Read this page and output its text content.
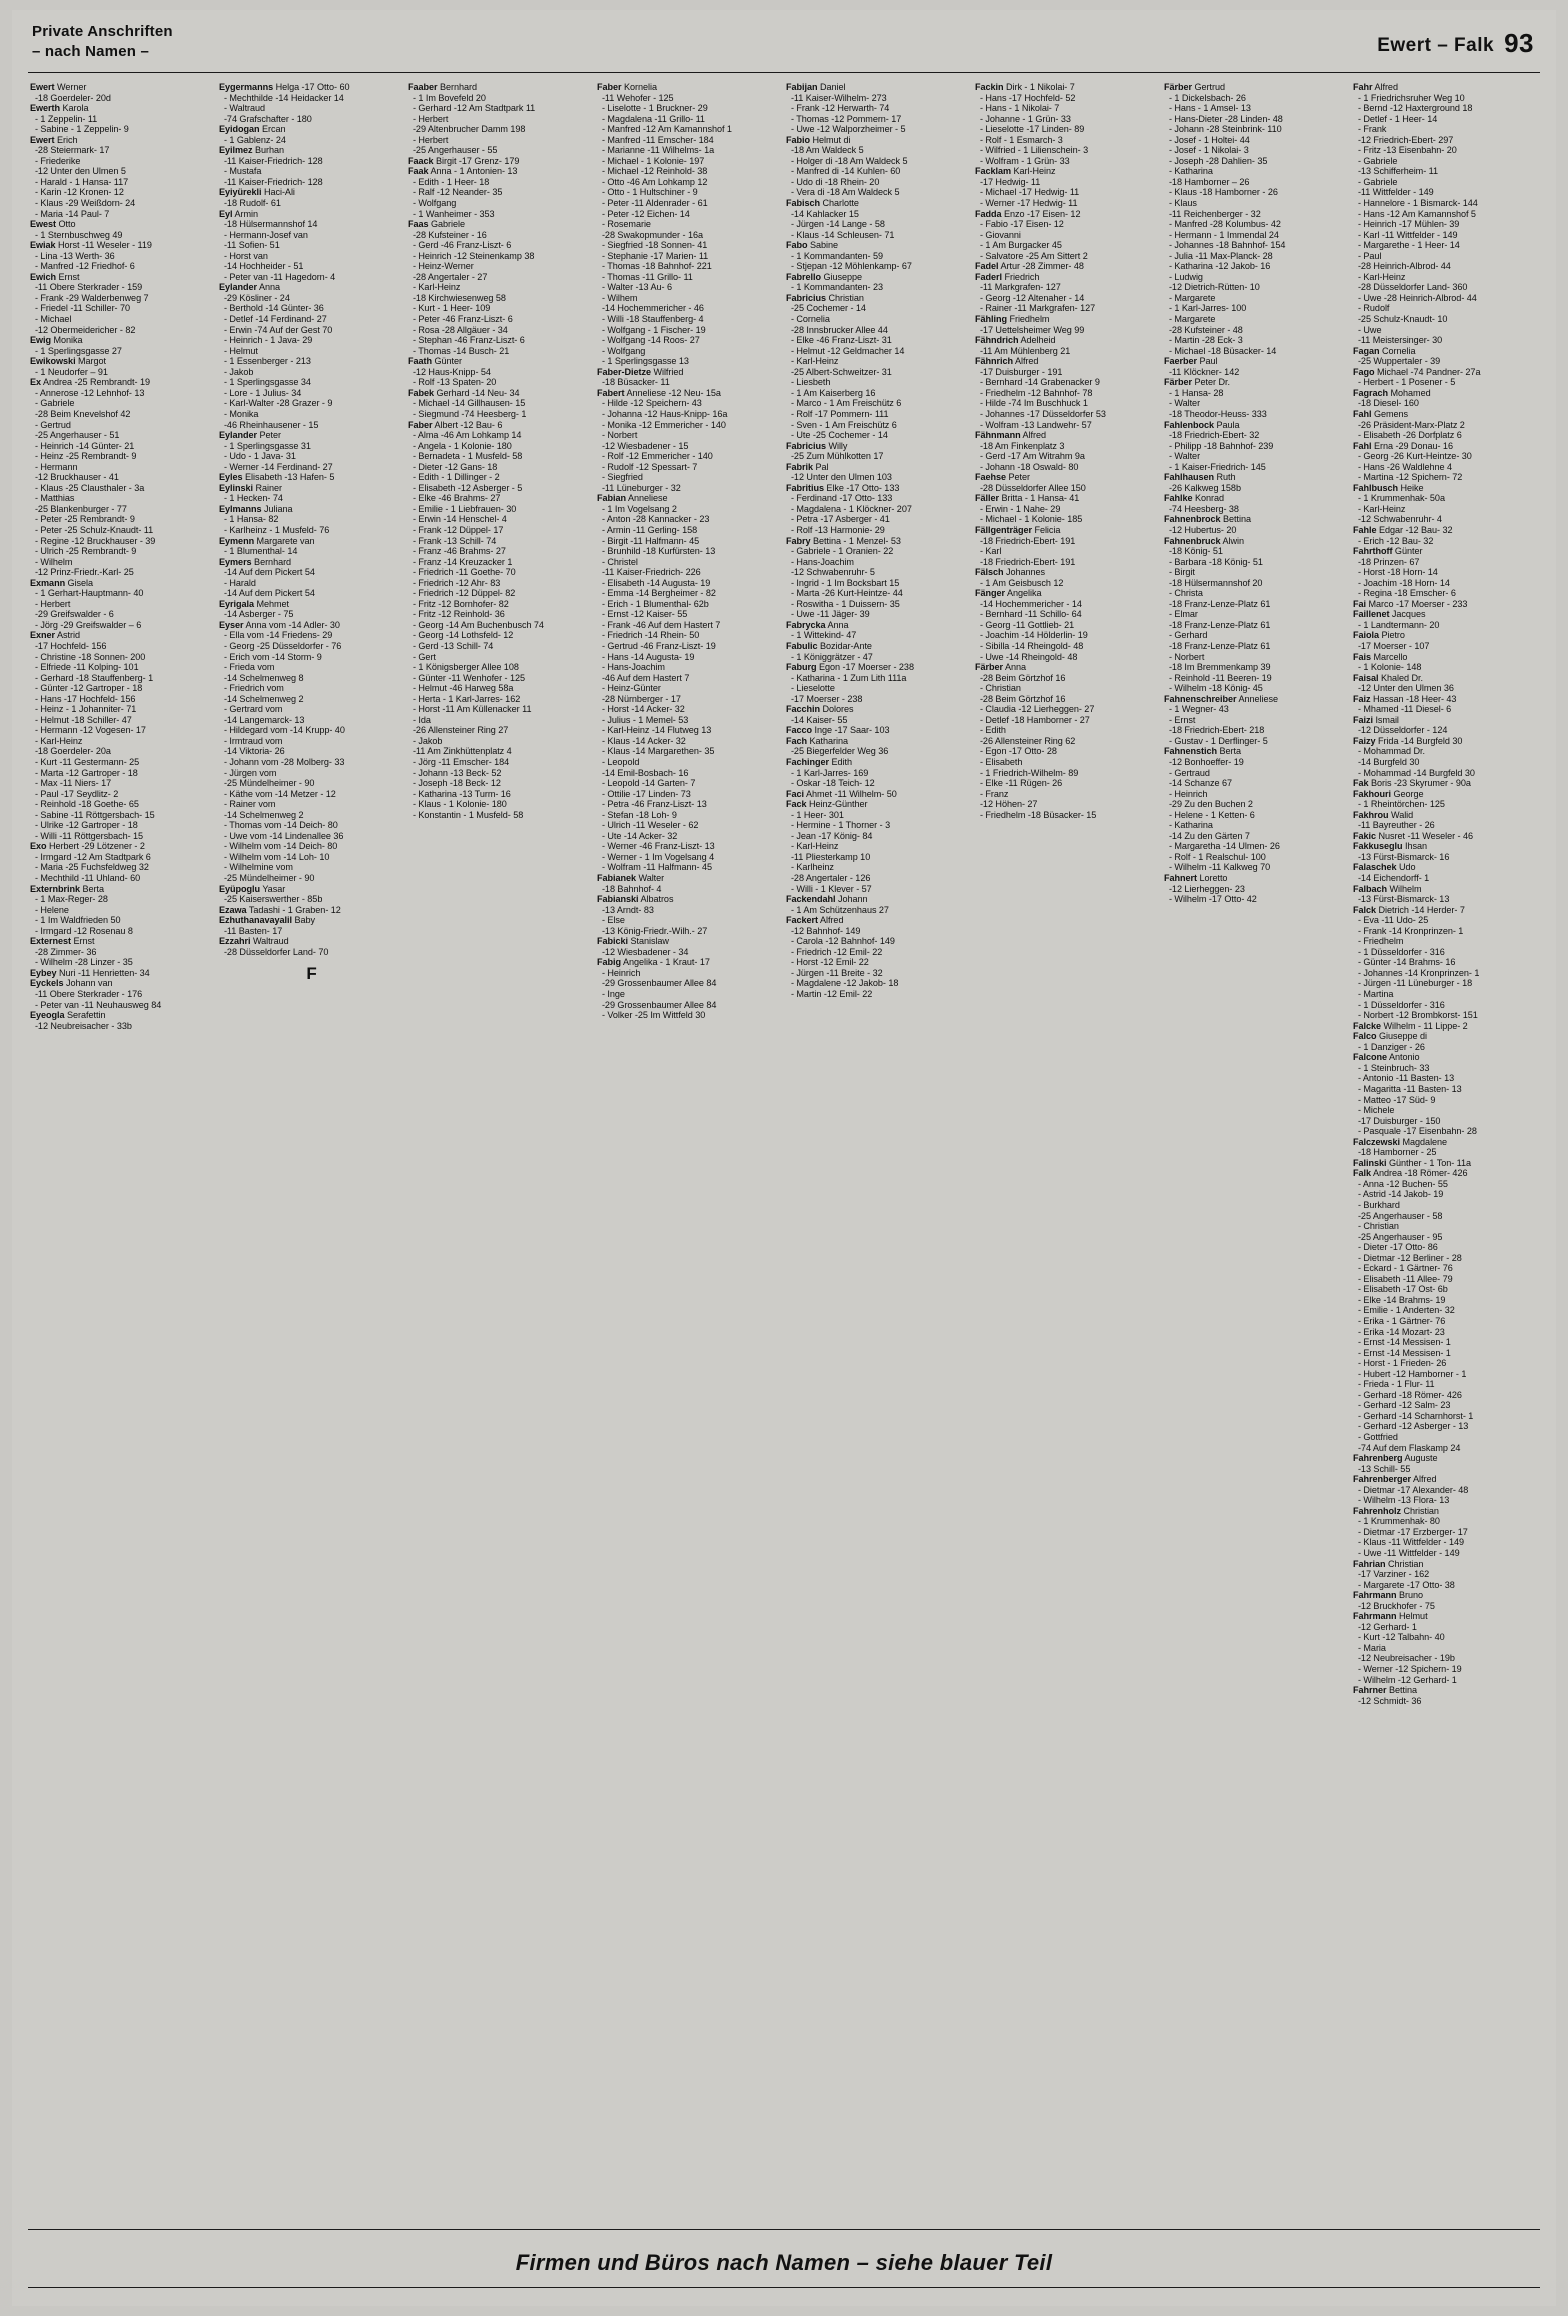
Private Anschriften
– nach Namen –	Ewert – Falk 93
Ewert Werner
-18 Goerdeler- 20d
Ewerth Karola
- 1 Zeppelin- 11
- Sabine - 1 Zeppelin- 9
Ewert Erich
-28 Steiermark- 17
- Friederike
-12 Unter den Ulmen 5
- Harald - 1 Hansa- 117
- Karin -12 Kronen- 12
- Klaus -29 Weißdorn- 24
- Maria -14 Paul- 7
Ewest Otto
- 1 Sternbuschweg 49
Ewiak Horst -11 Weseler - 119
- Lina -13 Werth- 36
- Manfred -12 Friedhof- 6
Ewich Ernst
-11 Obere Sterkrader - 159
- Frank -29 Walderbenweg 7
- Friedel -11 Schiller- 70
- Michael
-12 Obermeidericher - 82
Ewig Monika
- 1 Sperlingsgasse 27
Ewikowski Margot
- 1 Neudorfer – 91
Ex Andrea -25 Rembrandt- 19
- Annerose -12 Lehnhof- 13
- Gabriele
-28 Beim Knevelshof 42
- Gertrud
-25 Angerhauser - 51
- Heinrich -14 Günter- 21
- Heinz -25 Rembrandt- 9
- Hermann
-12 Bruckhauser - 41
- Klaus -25 Clausthaler - 3a
- Matthias
-25 Blankenburger - 77
- Peter -25 Rembrandt- 9
- Peter -25 Schulz-Knaudt- 11
- Regine -12 Bruckhauser - 39
- Ulrich -25 Rembrandt- 9
- Wilhelm
-12 Prinz-Friedr.-Karl- 25
Exmann Gisela
- 1 Gerhart-Hauptmann- 40
- Herbert
-29 Greifswalder - 6
- Jörg -29 Greifswalder – 6
Exner Astrid
-17 Hochfeld- 156
- Christine -18 Sonnen- 200
- Elfriede -11 Kolping- 101
- Gerhard -18 Stauffenberg- 1
- Günter -12 Gartroper - 18
- Hans -17 Hochfeld- 156
- Heinz - 1 Johanniter- 71
- Helmut -18 Schiller- 47
- Hermann -12 Vogesen- 17
- Karl-Heinz
-18 Goerdeler- 20a
- Kurt -11 Gestermann- 25
- Marta -12 Gartroper - 18
- Max -11 Niers- 17
- Paul -17 Seydlitz- 2
- Reinhold -18 Goethe- 65
- Sabine -11 Röttgersbach- 15
- Ulrike -12 Gartroper - 18
- Willi -11 Röttgersbach- 15
Exo Herbert -29 Lötzener - 2
- Irmgard -12 Am Stadtpark 6
- Maria -25 Fuchsfeldweg 32
- Mechthild -11 Uhland- 60
Externbrink Berta
- 1 Max-Reger- 28
- Helene
- 1 Im Waldfrieden 50
- Irmgard -12 Rosenau 8
Externest Ernst
-28 Zimmer- 36
- Wilhelm -28 Linzer - 35
Eybey Nuri -11 Henrietten- 34
Eyckels Johann van
-11 Obere Sterkrader - 176
- Peter van -11 Neuhausweg 84
Eyeogla Serafettin
-12 Neubreisacher - 33b
Eygermanns Helga -17 Otto- 60
- Mechthilde -14 Heidacker 14
- Waltraud
-74 Grafschafter - 180
Eyidogan Ercan
- 1 Gablenz- 24
Eyilmez Burhan
-11 Kaiser-Friedrich- 128
- Mustafa
-11 Kaiser-Friedrich- 128
Eyiyürekli Haci-Ali
-18 Rudolf- 61
Eyl Armin
-18 Hülsermannshof 14
- Hermann-Josef van
-11 Sofien- 51
- Horst van
-14 Hochheider - 51
- Peter van -11 Hagedorn- 4
Eylander Anna
-29 Kösliner - 24
- Berthold -14 Günter- 36
- Detlef -14 Ferdinand- 27
- Erwin -74 Auf der Gest 70
- Heinrich - 1 Java- 29
- Helmut
- 1 Essenberger - 213
- Jakob
- 1 Sperlingsgasse 34
- Lore - 1 Julius- 34
- Karl-Walter -28 Grazer - 9
- Monika
-46 Rheinhausener - 15
Eylander Peter
- 1 Sperlingsgasse 31
- Udo - 1 Java- 31
- Werner -14 Ferdinand- 27
Eyles Elisabeth -13 Hafen- 5
Eylinski Rainer
- 1 Hecken- 74
Eylmanns Juliana
- 1 Hansa- 82
- Karlheinz - 1 Musfeld- 76
Eymenn Margarete van
- 1 Blumenthal- 14
Eymers Bernhard
-14 Auf dem Pickert 54
- Harald
-14 Auf dem Pickert 54
Eyrigala Mehmet
-14 Asberger - 75
Eyser Anna vom -14 Adler- 30
- Ella vom -14 Friedens- 29
- Georg -25 Düsseldorfer - 76
- Erich vom -14 Storm- 9
- Frieda vom
-14 Schelmenweg 8
- Friedrich vom
-14 Schelmenweg 2
- Gertrard vom
-14 Langemarck- 13
- Hildegard vom -14 Krupp- 40
- Irmtraud vom
-14 Viktoria- 26
- Johann vom -28 Molberg- 33
- Jürgen vom
-25 Mündelheimer - 90
- Käthe vom -14 Metzer - 12
- Rainer vom
-14 Schelmenweg 2
- Thomas vom -14 Deich- 80
- Uwe vom -14 Lindenallee 36
- Wilhelm vom -14 Deich- 80
- Wilhelm vom -14 Loh- 10
- Wilhelmine vom
-25 Mündelheimer - 90
Eyüpoglu Yasar
-25 Kaiserswerther - 85b
Ezawa Tadashi - 1 Graben- 12
Ezhuthanavayalil Baby
-11 Basten- 17
Ezzahri Waltraud
-28 Düsseldorfer Land- 70
F
Faaber Bernhard
- 1 Im Bovefeld 20
- Gerhard -12 Am Stadtpark 11
- Herbert
-29 Altenbrucher Damm 198
- Herbert
-25 Angerhauser - 55
Faack Birgit -17 Grenz- 179
Faak Anna - 1 Antonien- 13
- Edith - 1 Heer- 18
- Ralf -12 Neander- 35
- Wolfgang
- 1 Wanheimer - 353
Faas Gabriele
-28 Kufsteiner - 16
- Gerd -46 Franz-Liszt- 6
- Heinrich -12 Steinenkamp 38
- Heinz-Werner
-28 Angertaler - 27
- Karl-Heinz
-18 Kirchwiesenweg 58
- Kurt - 1 Heer- 109
- Peter -46 Franz-Liszt- 6
- Rosa -28 Allgäuer - 34
- Stephan -46 Franz-Liszt- 6
- Thomas -14 Busch- 21
Faath Günter
-12 Haus-Knipp- 54
- Rolf -13 Spaten- 20
Fabek Gerhard -14 Neu- 34
- Michael -14 Gillhausen- 15
- Siegmund -74 Heesberg- 1
Faber Albert -12 Bau- 6
- Alma -46 Am Lohkamp 14
- Angela - 1 Kolonie- 180
- Bernadeta - 1 Musfeld- 58
- Dieter -12 Gans- 18
- Edith - 1 Dillinger - 2
- Elisabeth -12 Asberger - 5
- Elke -46 Brahms- 27
- Emilie - 1 Liebfrauen- 30
- Erwin -14 Henschel- 4
- Frank -12 Düppel- 17
- Frank -13 Schill- 74
- Franz -46 Brahms- 27
- Franz -14 Kreuzacker 1
- Friedrich -11 Goethe- 70
- Friedrich -12 Ahr- 83
- Friedrich -12 Düppel- 82
- Fritz -12 Bornhofer- 82
- Fritz -12 Reinhold- 36
- Georg -14 Am Buchenbusch 74
- Georg -14 Lothsfeld- 12
- Gerd -13 Schill- 74
- Gert
- 1 Königsberger Allee 108
- Günter -11 Wenhofer - 125
- Helmut -46 Harweg 58a
- Herta - 1 Karl-Jarres- 162
- Horst -11 Am Küllenacker 11
- Ida
-26 Allensteiner Ring 27
- Jakob
-11 Am Zinkhüttenplatz 4
- Jörg -11 Emscher- 184
- Johann -13 Beck- 52
- Joseph -18 Beck- 12
- Katharina -13 Turm- 16
- Klaus - 1 Kolonie- 180
- Konstantin - 1 Musfeld- 58
Faber Kornelia
-11 Wehofer - 125
- Liselotte - 1 Bruckner- 29
- Magdalena -11 Grillo- 11
- Manfred -12 Am Kamannshof 1
- Manfred -11 Emscher- 184
- Marianne -11 Wilhelms- 1a
- Michael - 1 Kolonie- 197
- Michael -12 Reinhold- 38
- Otto -46 Am Lohkamp 12
- Otto - 1 Hultschiner - 9
- Peter -11 Aldenrader - 61
- Peter -12 Eichen- 14
- Rosemarie
-28 Swakopmunder - 16a
- Siegfried -18 Sonnen- 41
- Stephanie -17 Marien- 11
- Thomas -18 Bahnhof- 221
- Thomas -11 Grillo- 11
- Walter -13 Au- 6
- Wilhem
-14 Hochemmericher - 46
- Willi -18 Stauffenberg- 4
- Wolfgang - 1 Fischer- 19
- Wolfgang -14 Roos- 27
- Wolfgang
- 1 Sperlingsgasse 13
Faber-Dietze Wilfried
-18 Büsacker- 11
Fabert Anneliese -12 Neu- 15a
- Hilde -12 Speichern- 43
- Johanna -12 Haus-Knipp- 16a
- Monika -12 Emmericher - 140
- Norbert
-12 Wiesbadener - 15
- Rolf -12 Emmericher - 140
- Rudolf -12 Spessart- 7
- Siegfried
-11 Lüneburger - 32
Fabian Anneliese
- 1 Im Vogelsang 2
- Anton -28 Kannacker - 23
- Armin -11 Gerling- 158
- Birgit -11 Halfmann- 45
- Brunhild -18 Kurfürsten- 13
- Christel
-11 Kaiser-Friedrich- 226
- Elisabeth -14 Augusta- 19
- Emma -14 Bergheimer - 82
- Erich - 1 Blumenthal- 62b
- Ernst -12 Kaiser- 55
- Frank -46 Auf dem Hastert 7
- Friedrich -14 Rhein- 50
- Gertrud -46 Franz-Liszt- 19
- Hans -14 Augusta- 19
- Hans-Joachim
-46 Auf dem Hastert 7
- Heinz-Günter
-28 Nürnberger - 17
- Horst -14 Acker- 32
- Julius - 1 Memel- 53
- Karl-Heinz -14 Flutweg 13
- Klaus -14 Acker- 32
- Klaus -14 Margarethen- 35
- Leopold
-14 Emil-Bosbach- 16
- Leopold -14 Garten- 7
- Ottilie -17 Linden- 73
- Petra -46 Franz-Liszt- 13
- Stefan -18 Loh- 9
- Ulrich -11 Weseler - 62
- Ute -14 Acker- 32
- Werner -46 Franz-Liszt- 13
- Werner - 1 Im Vogelsang 4
- Wolfram -11 Halfmann- 45
Fabianek Walter
-18 Bahnhof- 4
Fabianski Albatros
-13 Arndt- 83
- Else
-13 König-Friedr.-Wilh.- 27
Fabicki Stanislaw
-12 Wiesbadener - 34
Fabig Angelika - 1 Kraut- 17
- Heinrich
-29 Grossenbaumer Allee 84
- Inge
-29 Grossenbaumer Allee 84
- Volker -25 Im Wittfeld 30
Fabijan Daniel
-11 Kaiser-Wilhelm- 273
- Frank -12 Herwarth- 74
- Thomas -12 Pommern- 17
- Uwe -12 Walporzheimer - 5
Fabio Helmut di
-18 Am Waldeck 5
- Holger di -18 Am Waldeck 5
- Manfred di -14 Kuhlen- 60
- Udo di -18 Rhein- 20
- Vera di -18 Am Waldeck 5
Fabisch Charlotte
-14 Kahlacker 15
- Jürgen -14 Lange - 58
- Klaus -14 Schleusen- 71
Fabo Sabine
- 1 Kommandanten- 59
- Stjepan -12 Möhlenkamp- 67
Fabrello Giuseppe
- 1 Kommandanten- 23
Fabricius Christian
-25 Cochemer - 14
- Cornelia
-28 Innsbrucker Allee 44
- Elke -46 Franz-Liszt- 31
- Helmut -12 Geldmacher 14
- Karl-Heinz
-25 Albert-Schweitzer- 31
- Liesbeth
- 1 Am Kaiserberg 16
- Marco - 1 Am Freischütz 6
- Rolf -17 Pommern- 111
- Sven - 1 Am Freischütz 6
- Ute -25 Cochemer - 14
Fabricius Willy
-25 Zum Mühlkotten 17
Fabrik Pal
-12 Unter den Ulmen 103
Fabritius Elke -17 Otto- 133
- Ferdinand -17 Otto- 133
- Magdalena - 1 Klöckner- 207
- Petra -17 Asberger - 41
- Rolf -13 Harmonie- 29
Fabry Bettina - 1 Menzel- 53
- Gabriele - 1 Oranien- 22
- Hans-Joachim
-12 Schwabenruhr- 5
- Ingrid - 1 Im Bocksbart 15
- Marta -26 Kurt-Heintze- 44
- Roswitha - 1 Duissern- 35
- Uwe -11 Jäger- 39
Fabrycka Anna
- 1 Wittekind- 47
Fabulic Bozidar-Ante
- 1 Königgrätzer - 47
Faburg Egon -17 Moerser - 238
- Katharina - 1 Zum Lith 111a
- Lieselotte
-17 Moerser - 238
Facchin Dolores
-14 Kaiser- 55
Facco Inge -17 Saar- 103
Fach Katharina
-25 Biegerfelder Weg 36
Fachinger Edith
- 1 Karl-Jarres- 169
- Oskar -18 Teich- 12
Faci Ahmet -11 Wilhelm- 50
Fack Heinz-Günther
- 1 Heer- 301
- Hermine - 1 Thorner - 3
- Jean -17 König- 84
- Karl-Heinz
-11 Pliesterkamp 10
- Karlheinz
-28 Angertaler - 126
- Willi - 1 Klever - 57
Fackendahl Johann
- 1 Am Schützenhaus 27
Fackert Alfred
-12 Bahnhof- 149
- Carola -12 Bahnhof- 149
- Friedrich -12 Emil- 22
- Horst -12 Emil- 22
- Jürgen -11 Breite - 32
- Magdalene -12 Jakob- 18
- Martin -12 Emil- 22
Fackin Dirk - 1 Nikolai- 7
- Hans -17 Hochfeld- 52
- Hans - 1 Nikolai- 7
- Johanne - 1 Grün- 33
- Lieselotte -17 Linden- 89
- Rolf - 1 Esmarch- 3
- Wilfried - 1 Lilienschein- 3
- Wolfram - 1 Grün- 33
Facklam Karl-Heinz
-17 Hedwig- 11
- Michael -17 Hedwig- 11
- Werner -17 Hedwig- 11
Fadda Enzo -17 Eisen- 12
- Fabio -17 Eisen- 12
- Giovanni
- 1 Am Burgacker 45
- Salvatore -25 Am Sittert 2
Fadel Artur -28 Zimmer- 48
Faderl Friedrich
-11 Markgrafen- 127
- Georg -12 Altenaher - 14
- Rainer -11 Markgrafen- 127
Fähling Friedhelm
-17 Uettelsheimer Weg 99
Fähndrich Adelheid
-11 Am Mühlenberg 21
Fähnrich Alfred
-17 Duisburger - 191
- Bernhard -14 Grabenacker 9
- Friedhelm -12 Bahnhof- 78
- Hilde -74 Im Buschhuck 1
- Johannes -17 Düsseldorfer 53
- Wolfram -13 Landwehr- 57
Fähnmann Alfred
-18 Am Finkenplatz 3
- Gerd -17 Am Witrahm 9a
- Johann -18 Oswald- 80
Faehse Peter
-28 Düsseldorfer Allee 150
Fäller Britta - 1 Hansa- 41
- Erwin - 1 Nahe- 29
- Michael - 1 Kolonie- 185
Fällgenträger Felicia
-18 Friedrich-Ebert- 191
- Karl
-18 Friedrich-Ebert- 191
Fälsch Johannes
- 1 Am Geisbusch 12
Fänger Angelika
-14 Hochemmericher - 14
- Bernhard -11 Schillo- 64
- Georg -11 Gottlieb- 21
- Joachim -14 Hölderlin- 19
- Sibilla -14 Rheingold- 48
- Uwe -14 Rheingold- 48
Färber Anna
-28 Beim Görtzhof 16
- Christian
-28 Beim Görtzhof 16
- Claudia -12 Lierheggen- 27
- Detlef -18 Hamborner - 27
- Edith
-26 Allensteiner Ring 62
- Egon -17 Otto- 28
- Elisabeth
- 1 Friedrich-Wilhelm- 89
- Elke -11 Rügen- 26
- Franz
-12 Höhen- 27
- Friedhelm -18 Büsacker- 15
Färber Gertrud
- 1 Dickelsbach- 26
- Hans - 1 Amsel- 13
- Hans-Dieter -28 Linden- 48
- Johann -28 Steinbrink- 110
- Josef - 1 Holtei- 44
- Josef - 1 Nikolai- 3
- Joseph -28 Dahlien- 35
- Katharina
-18 Hamborner – 26
- Klaus -18 Hamborner - 26
- Klaus
-11 Reichenberger - 32
- Manfred -28 Kolumbus- 42
- Hermann - 1 Immendal 24
- Johannes -18 Bahnhof- 154
- Julia -11 Max-Planck- 28
- Katharina -12 Jakob- 16
- Ludwig
-12 Dietrich-Rütten- 10
- Margarete
- 1 Karl-Jarres- 100
- Margarete
-28 Kufsteiner - 48
- Martin -28 Eck- 3
- Michael -18 Büsacker- 14
Faerber Paul
-11 Klöckner- 142
Färber Peter Dr.
- 1 Hansa- 28
- Walter
-18 Theodor-Heuss- 333
Fahlenbock Paula
-18 Friedrich-Ebert- 32
- Philipp -18 Bahnhof- 239
- Walter
- 1 Kaiser-Friedrich- 145
Fahlhausen Ruth
-26 Kalkweg 158b
Fahlke Konrad
-74 Heesberg- 38
Fahnenbrock Bettina
-12 Hubertus- 20
Fahnenbruck Alwin
-18 König- 51
- Barbara -18 König- 51
- Birgit
-18 Hülsermannshof 20
- Christa
-18 Franz-Lenze-Platz 61
- Elmar
-18 Franz-Lenze-Platz 61
- Gerhard
-18 Franz-Lenze-Platz 61
- Norbert
-18 Im Bremmenkamp 39
- Reinhold -11 Beeren- 19
- Wilhelm -18 König- 45
Fahnenschreiber Anneliese
- 1 Wegner- 43
- Ernst
-18 Friedrich-Ebert- 218
- Gustav - 1 Derflinger- 5
Fahnenstich Berta
-12 Bonhoeffer- 19
- Gertraud
-14 Schanze 67
- Heinrich
-29 Zu den Buchen 2
- Helene - 1 Ketten- 6
- Katharina
-14 Zu den Gärten 7
- Margaretha -14 Ulmen- 26
- Rolf - 1 Realschul- 100
- Wilhelm -11 Kalkweg 70
Fahnert Loretto
-12 Lierheggen- 23
- Wilhelm -17 Otto- 42
Fahr Alfred
- 1 Friedrichsruher Weg 10
- Bernd -12 Haxterground 18
- Detlef - 1 Heer- 14
- Frank
-12 Friedrich-Ebert- 297
- Fritz -13 Eisenbahn- 20
- Gabriele
-13 Schifferheim- 11
- Gabriele
-11 Wittfelder - 149
- Hannelore - 1 Bismarck- 144
- Hans -12 Am Kamannshof 5
- Heinrich -17 Mühlen- 39
- Karl -11 Wittfelder - 149
- Margarethe - 1 Heer- 14
- Paul
-28 Heinrich-Albrod- 44
- Karl-Heinz
-28 Düsseldorfer Land- 360
- Uwe -28 Heinrich-Albrod- 44
- Rudolf
-25 Schulz-Knaudt- 10
- Uwe
-11 Meistersinger- 30
Fagan Cornelia
-25 Wuppertaler - 39
Fago Michael -74 Pandner- 27a
- Herbert - 1 Posener - 5
Fagrach Mohamed
-18 Diesel- 160
Fahl Gemens
-26 Präsident-Marx-Platz 2
- Elisabeth -26 Dorfplatz 6
Fahl Erna -29 Donau- 16
- Georg -26 Kurt-Heintze- 30
- Hans -26 Waldlehne 4
- Martina -12 Spichern- 72
Fahlbusch Heike
- 1 Krummenhak- 50a
- Karl-Heinz
-12 Schwabenruhr- 4
Fahle Edgar -12 Bau- 32
- Erich -12 Bau- 32
Fahrthoff Günter
-18 Prinzen- 67
- Horst -18 Horn- 14
- Joachim -18 Horn- 14
- Regina -18 Emscher- 6
Fai Marco -17 Moerser - 233
Faillenet Jacques
- 1 Landtermann- 20
Faiola Pietro
-17 Moerser - 107
Fais Marcello
- 1 Kolonie- 148
Faisal Khaled Dr.
-12 Unter den Ulmen 36
Faiz Hassan -18 Heer- 43
- Mhamed -11 Diesel- 6
Faizi Ismail
-12 Düsseldorfer - 124
Faizy Frida -14 Burgfeld 30
- Mohammad Dr.
-14 Burgfeld 30
- Mohammad -14 Burgfeld 30
Fak Boris -23 Skyrumer - 90a
Fakhouri George
- 1 Rheintörchen- 125
Fakhrou Walid
-11 Bayreuther - 26
Fakic Nusret -11 Weseler - 46
Fakkuseglu Ihsan
-13 Fürst-Bismarck- 16
Falaschek Udo
-14 Eichendorff- 1
Falbach Wilhelm
-13 Fürst-Bismarck- 13
Falck Dietrich -14 Herder- 7
- Eva -11 Udo- 25
- Frank -14 Kronprinzen- 1
- Friedhelm
- 1 Düsseldorfer - 316
- Günter -14 Brahms- 16
- Johannes -14 Kronprinzen- 1
- Jürgen -11 Lüneburger - 18
- Martina
- 1 Düsseldorfer - 316
- Norbert -12 Brombkorst- 151
Falcke Wilhelm - 11 Lippe- 2
Falco Giuseppe di
- 1 Danziger - 26
Falcone Antonio
- 1 Steinbruch- 33
- Antonio -11 Basten- 13
- Magaritta -11 Basten- 13
- Matteo -17 Süd- 9
- Michele
-17 Duisburger - 150
- Pasquale -17 Eisenbahn- 28
Falczewski Magdalene
-18 Hamborner - 25
Falinski Günther - 1 Ton- 11a
Falk Andrea -18 Römer- 426
- Anna -12 Buchen- 55
- Astrid -14 Jakob- 19
- Burkhard
-25 Angerhauser - 58
- Christian
-25 Angerhauser - 95
- Dieter -17 Otto- 86
- Dietmar -12 Berliner - 28
- Eckard - 1 Gärtner- 76
- Elisabeth -11 Allee- 79
- Elisabeth -17 Ost- 6b
- Elke -14 Brahms- 19
- Emilie - 1 Anderten- 32
- Erika - 1 Gärtner- 76
- Erika -14 Mozart- 23
- Ernst -14 Messisen- 1
- Ernst -14 Messisen- 1
- Horst - 1 Frieden- 26
- Hubert -12 Hamborner - 1
- Frieda - 1 Flur- 11
- Gerhard -18 Römer- 426
- Gerhard -12 Salm- 23
- Gerhard -14 Scharnhorst- 1
- Gerhard -12 Asberger - 13
- Gottfried
-74 Auf dem Flaskamp 24
Fahrenberg Auguste
-13 Schill- 55
Fahrenberger Alfred
- Dietmar -17 Alexander- 48
- Wilhelm -13 Flora- 13
Fahrenholz Christian
- 1 Krummenhak- 80
- Dietmar -17 Erzberger- 17
- Klaus -11 Wittfelder - 149
- Uwe -11 Wittfelder - 149
Fahrian Christian
-17 Varziner - 162
- Margarete -17 Otto- 38
Fahrmann Bruno
-12 Bruckhofer - 75
Fahrmann Helmut
-12 Gerhard- 1
- Kurt -12 Talbahn- 40
- Maria
-12 Neubreisacher - 19b
- Werner -12 Spichern- 19
- Wilhelm -12 Gerhard- 1
Fahrner Bettina
-12 Schmidt- 36
Firmen und Büros nach Namen – siehe blauer Teil
